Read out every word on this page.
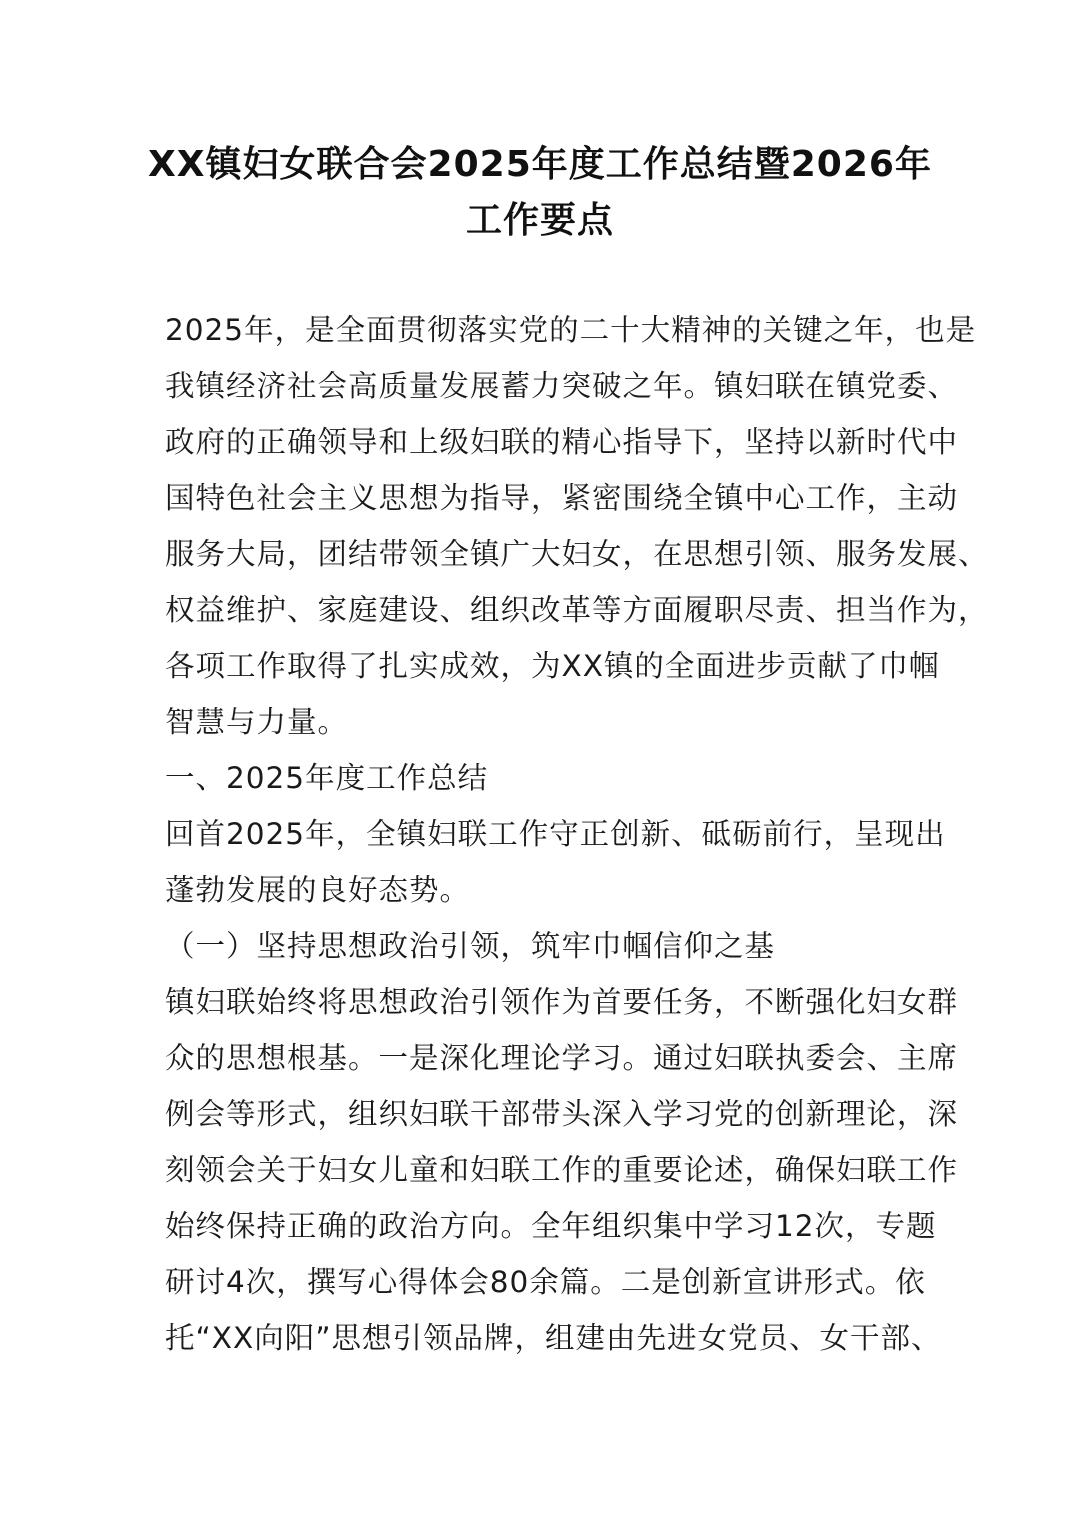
XX镇妇女联合会2025年度工作总结暨2026年
工作要点
2025年，是全面贯彻落实党的二十大精神的关键之年，也是
我镇经济社会高质量发展蓄力突破之年。镇妇联在镇党委、
政府的正确领导和上级妇联的精心指导下，坚持以新时代中
国特色社会主义思想为指导，紧密围绕全镇中心工作，主动
服务大局，团结带领全镇广大妇女，在思想引领、服务发展、
权益维护、家庭建设、组织改革等方面履职尽责、担当作为，
各项工作取得了扎实成效，为XX镇的全面进步贡献了巾帼
智慧与力量。
一、2025年度工作总结
回首2025年，全镇妇联工作守正创新、砥砺前行，呈现出
蓬勃发展的良好态势。
（一）坚持思想政治引领，筑牢巾帼信仰之基
镇妇联始终将思想政治引领作为首要任务，不断强化妇女群
众的思想根基。一是深化理论学习。通过妇联执委会、主席
例会等形式，组织妇联干部带头深入学习党的创新理论，深
刻领会关于妇女儿童和妇联工作的重要论述，确保妇联工作
始终保持正确的政治方向。全年组织集中学习12次，专题
研讨4次，撰写心得体会80余篇。二是创新宣讲形式。依
托“XX向阳”思想引领品牌，组建由先进女党员、女干部、
